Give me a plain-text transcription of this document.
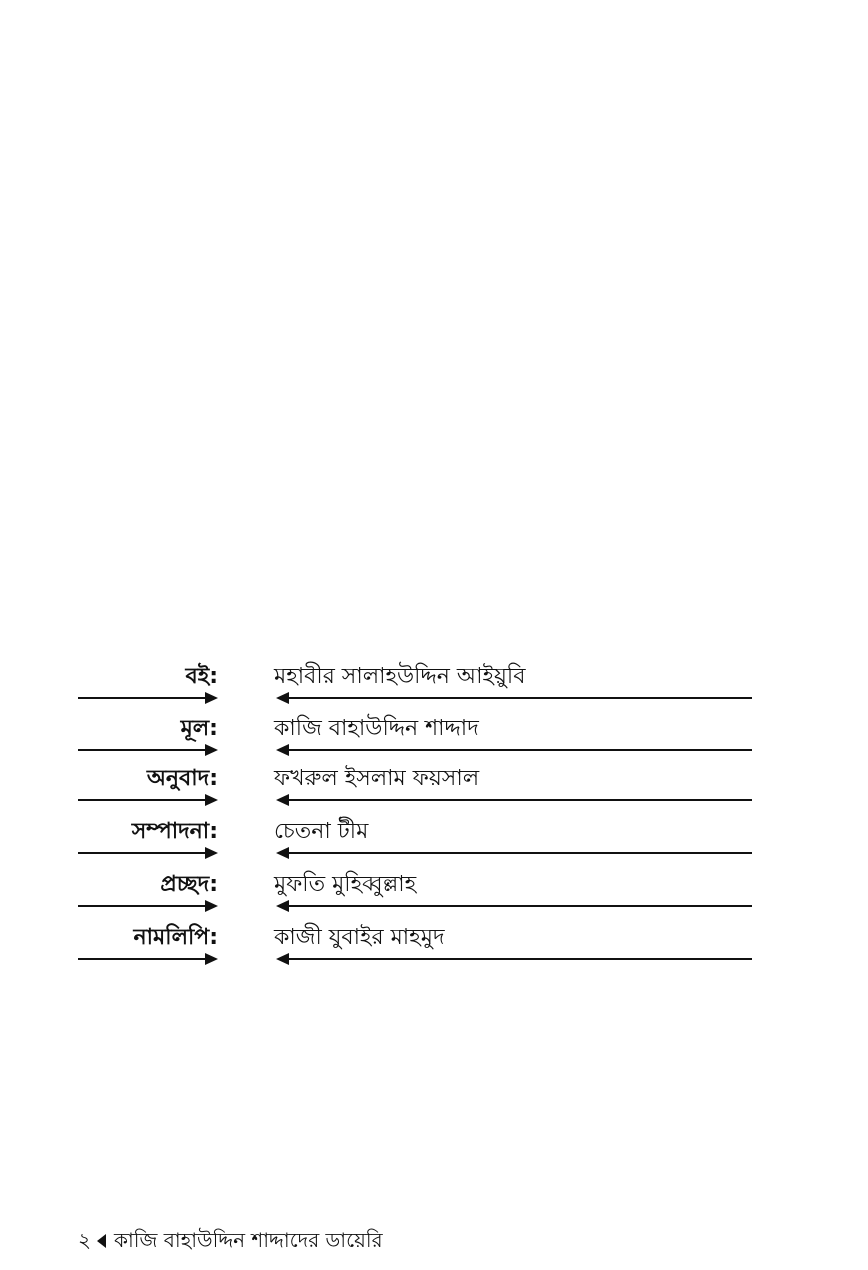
বই:	মহাবীর সালাহউদ্দিন আইয়ুবি
মূল:	কাজি বাহাউদ্দিন শাদ্দাদ
অনুবাদ:	ফখরুল ইসলাম ফয়সাল
সম্পাদনা:	চেতনা টীম
প্রচ্ছদ:	মুফতি মুহিব্বুল্লাহ
নামলিপি:	কাজী যুবাইর মাহমুদ
২ কাজি বাহাউদ্দিন শাদ্দাদের ডায়েরি
